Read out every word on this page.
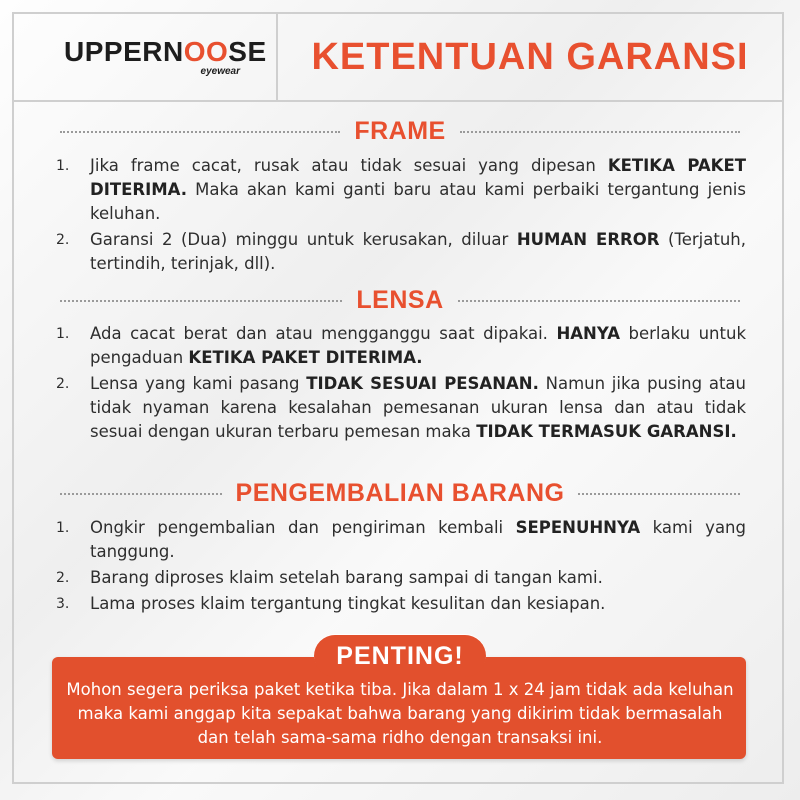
UPPERNOOSE
eyewear	KETENTUAN GARANSI
FRAME
1. Jika frame cacat, rusak atau tidak sesuai yang dipesan KETIKA PAKET DITERIMA. Maka akan kami ganti baru atau kami perbaiki tergantung jenis keluhan.
2. Garansi 2 (Dua) minggu untuk kerusakan, diluar HUMAN ERROR (Terjatuh, tertindih, terinjak, dll).
LENSA
1. Ada cacat berat dan atau mengganggu saat dipakai. HANYA berlaku untuk pengaduan KETIKA PAKET DITERIMA.
2. Lensa yang kami pasang TIDAK SESUAI PESANAN. Namun jika pusing atau tidak nyaman karena kesalahan pemesanan ukuran lensa dan atau tidak sesuai dengan ukuran terbaru pemesan maka TIDAK TERMASUK GARANSI.
PENGEMBALIAN BARANG
1. Ongkir pengembalian dan pengiriman kembali SEPENUHNYA kami yang tanggung.
2. Barang diproses klaim setelah barang sampai di tangan kami.
3. Lama proses klaim tergantung tingkat kesulitan dan kesiapan.
PENTING!
Mohon segera periksa paket ketika tiba. Jika dalam 1 x 24 jam tidak ada keluhan maka kami anggap kita sepakat bahwa barang yang dikirim tidak bermasalah dan telah sama-sama ridho dengan transaksi ini.
